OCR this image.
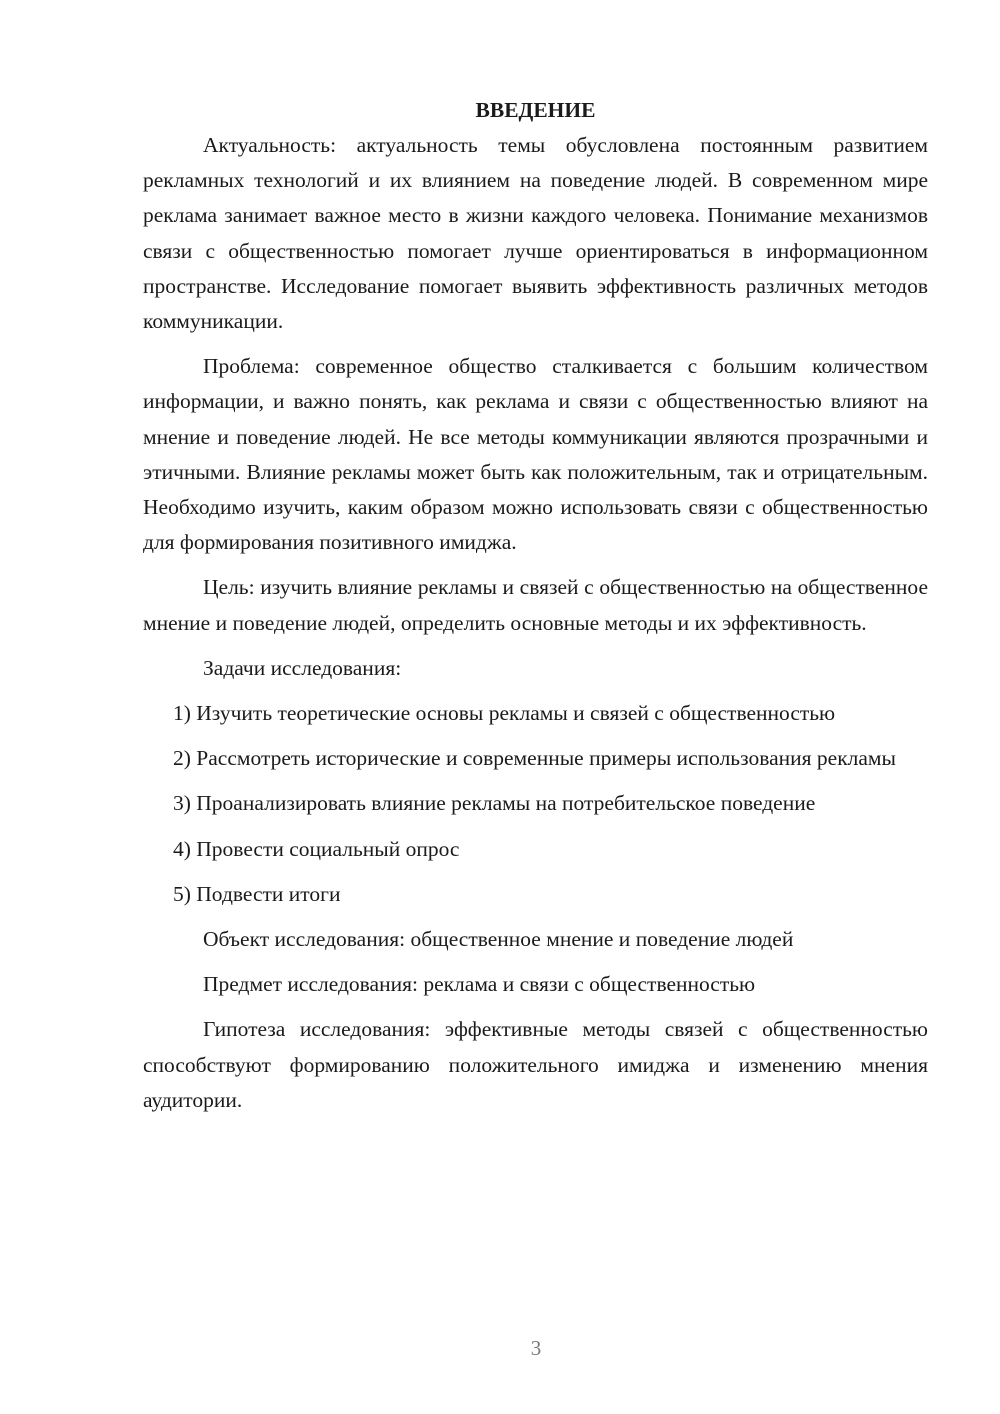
ВВЕДЕНИЕ

Актуальность: актуальность темы обусловлена постоянным развитием рекламных технологий и их влиянием на поведение людей. В современном мире реклама занимает важное место в жизни каждого человека. Понимание механизмов связи с общественностью помогает лучше ориентироваться в информационном пространстве. Исследование помогает выявить эффективность различных методов коммуникации.

Проблема: современное общество сталкивается с большим количеством информации, и важно понять, как реклама и связи с общественностью влияют на мнение и поведение людей. Не все методы коммуникации являются прозрачными и этичными. Влияние рекламы может быть как положительным, так и отрицательным. Необходимо изучить, каким образом можно использовать связи с общественностью для формирования позитивного имиджа.

Цель: изучить влияние рекламы и связей с общественностью на общественное мнение и поведение людей, определить основные методы и их эффективность.

Задачи исследования:

1) Изучить теоретические основы рекламы и связей с общественностью

2) Рассмотреть исторические и современные примеры использования рекламы

3) Проанализировать влияние рекламы на потребительское поведение

4) Провести социальный опрос

5) Подвести итоги

Объект исследования: общественное мнение и поведение людей

Предмет исследования: реклама и связи с общественностью

Гипотеза исследования: эффективные методы связей с общественностью способствуют формированию положительного имиджа и изменению мнения аудитории.

3
